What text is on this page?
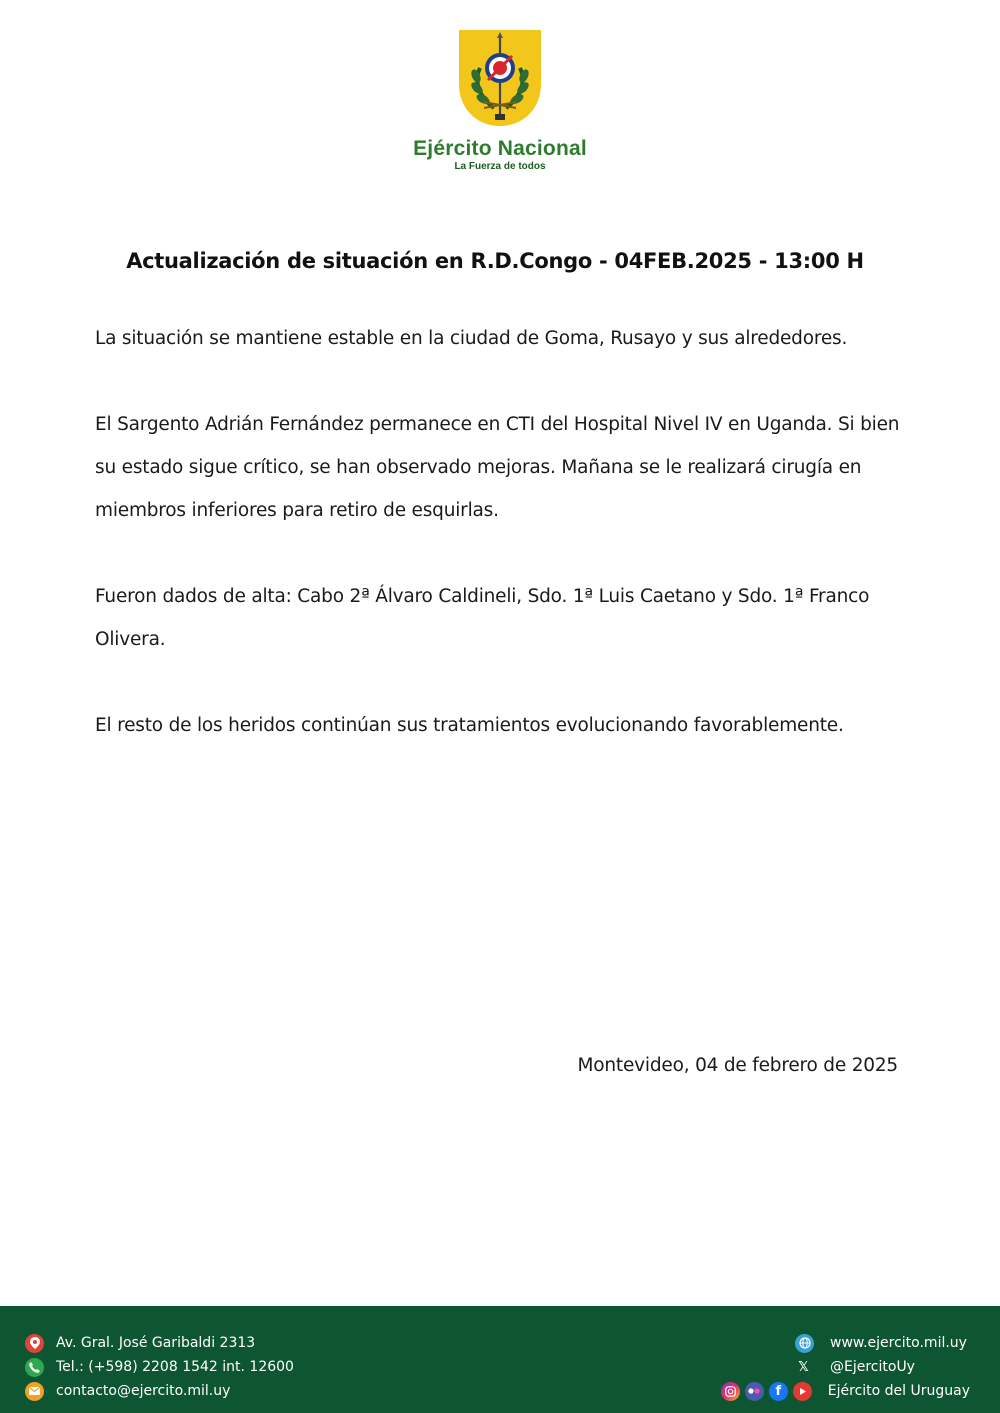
Ejército Nacional
La Fuerza de todos
Actualización de situación en R.D.Congo - 04FEB.2025 - 13:00 H

La situación se mantiene estable en la ciudad de Goma, Rusayo y sus alrededores.

El Sargento Adrián Fernández permanece en CTI del Hospital Nivel IV en Uganda. Si bien su estado sigue crítico, se han observado mejoras. Mañana se le realizará cirugía en miembros inferiores para retiro de esquirlas.

Fueron dados de alta: Cabo 2ª Álvaro Caldineli, Sdo. 1ª Luis Caetano y Sdo. 1ª Franco Olivera.

El resto de los heridos continúan sus tratamientos evolucionando favorablemente.

Montevideo, 04 de febrero de 2025
Av. Gral. José Garibaldi 2313
Tel.: (+598) 2208 1542 int. 12600
contacto@ejercito.mil.uy
www.ejercito.mil.uy
𝕏	@EjercitoUy
f	Ejército del Uruguay
